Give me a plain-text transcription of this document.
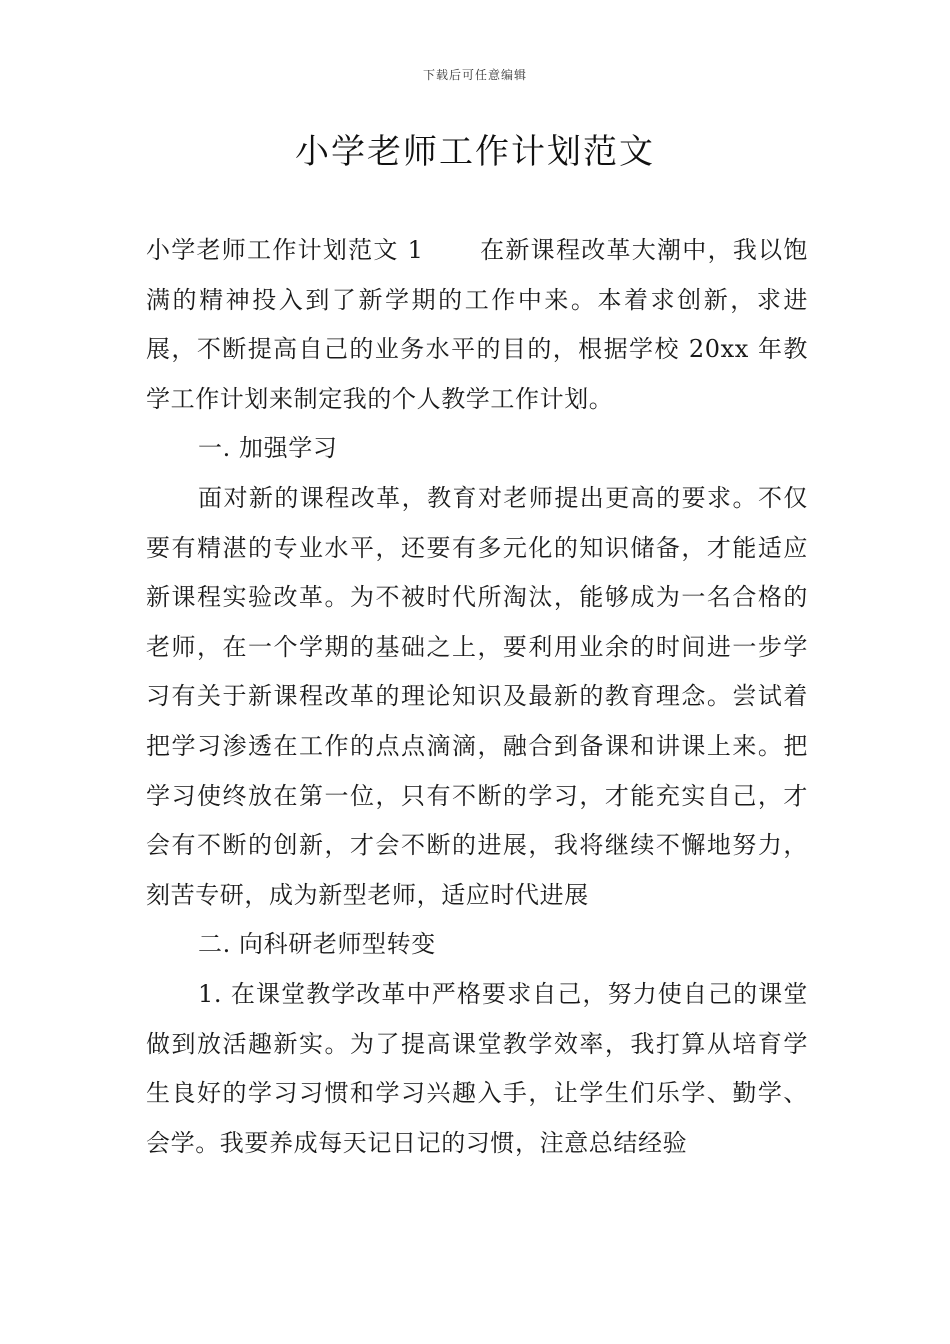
下载后可任意编辑
小学老师工作计划范文

小学老师工作计划范文 1 在新课程改革大潮中，我以饱满的精神投入到了新学期的工作中来。本着求创新，求进展，不断提高自己的业务水平的目的，根据学校 20xx 年教学工作计划来制定我的个人教学工作计划。

一. 加强学习

面对新的课程改革，教育对老师提出更高的要求。不仅要有精湛的专业水平，还要有多元化的知识储备，才能适应新课程实验改革。为不被时代所淘汰，能够成为一名合格的老师，在一个学期的基础之上，要利用业余的时间进一步学习有关于新课程改革的理论知识及最新的教育理念。尝试着把学习渗透在工作的点点滴滴，融合到备课和讲课上来。把学习使终放在第一位，只有不断的学习，才能充实自己，才会有不断的创新，才会不断的进展，我将继续不懈地努力，刻苦专研，成为新型老师，适应时代进展

二. 向科研老师型转变

1. 在课堂教学改革中严格要求自己，努力使自己的课堂做到放活趣新实。为了提高课堂教学效率，我打算从培育学生良好的学习习惯和学习兴趣入手，让学生们乐学、勤学、会学。我要养成每天记日记的习惯，注意总结经验
